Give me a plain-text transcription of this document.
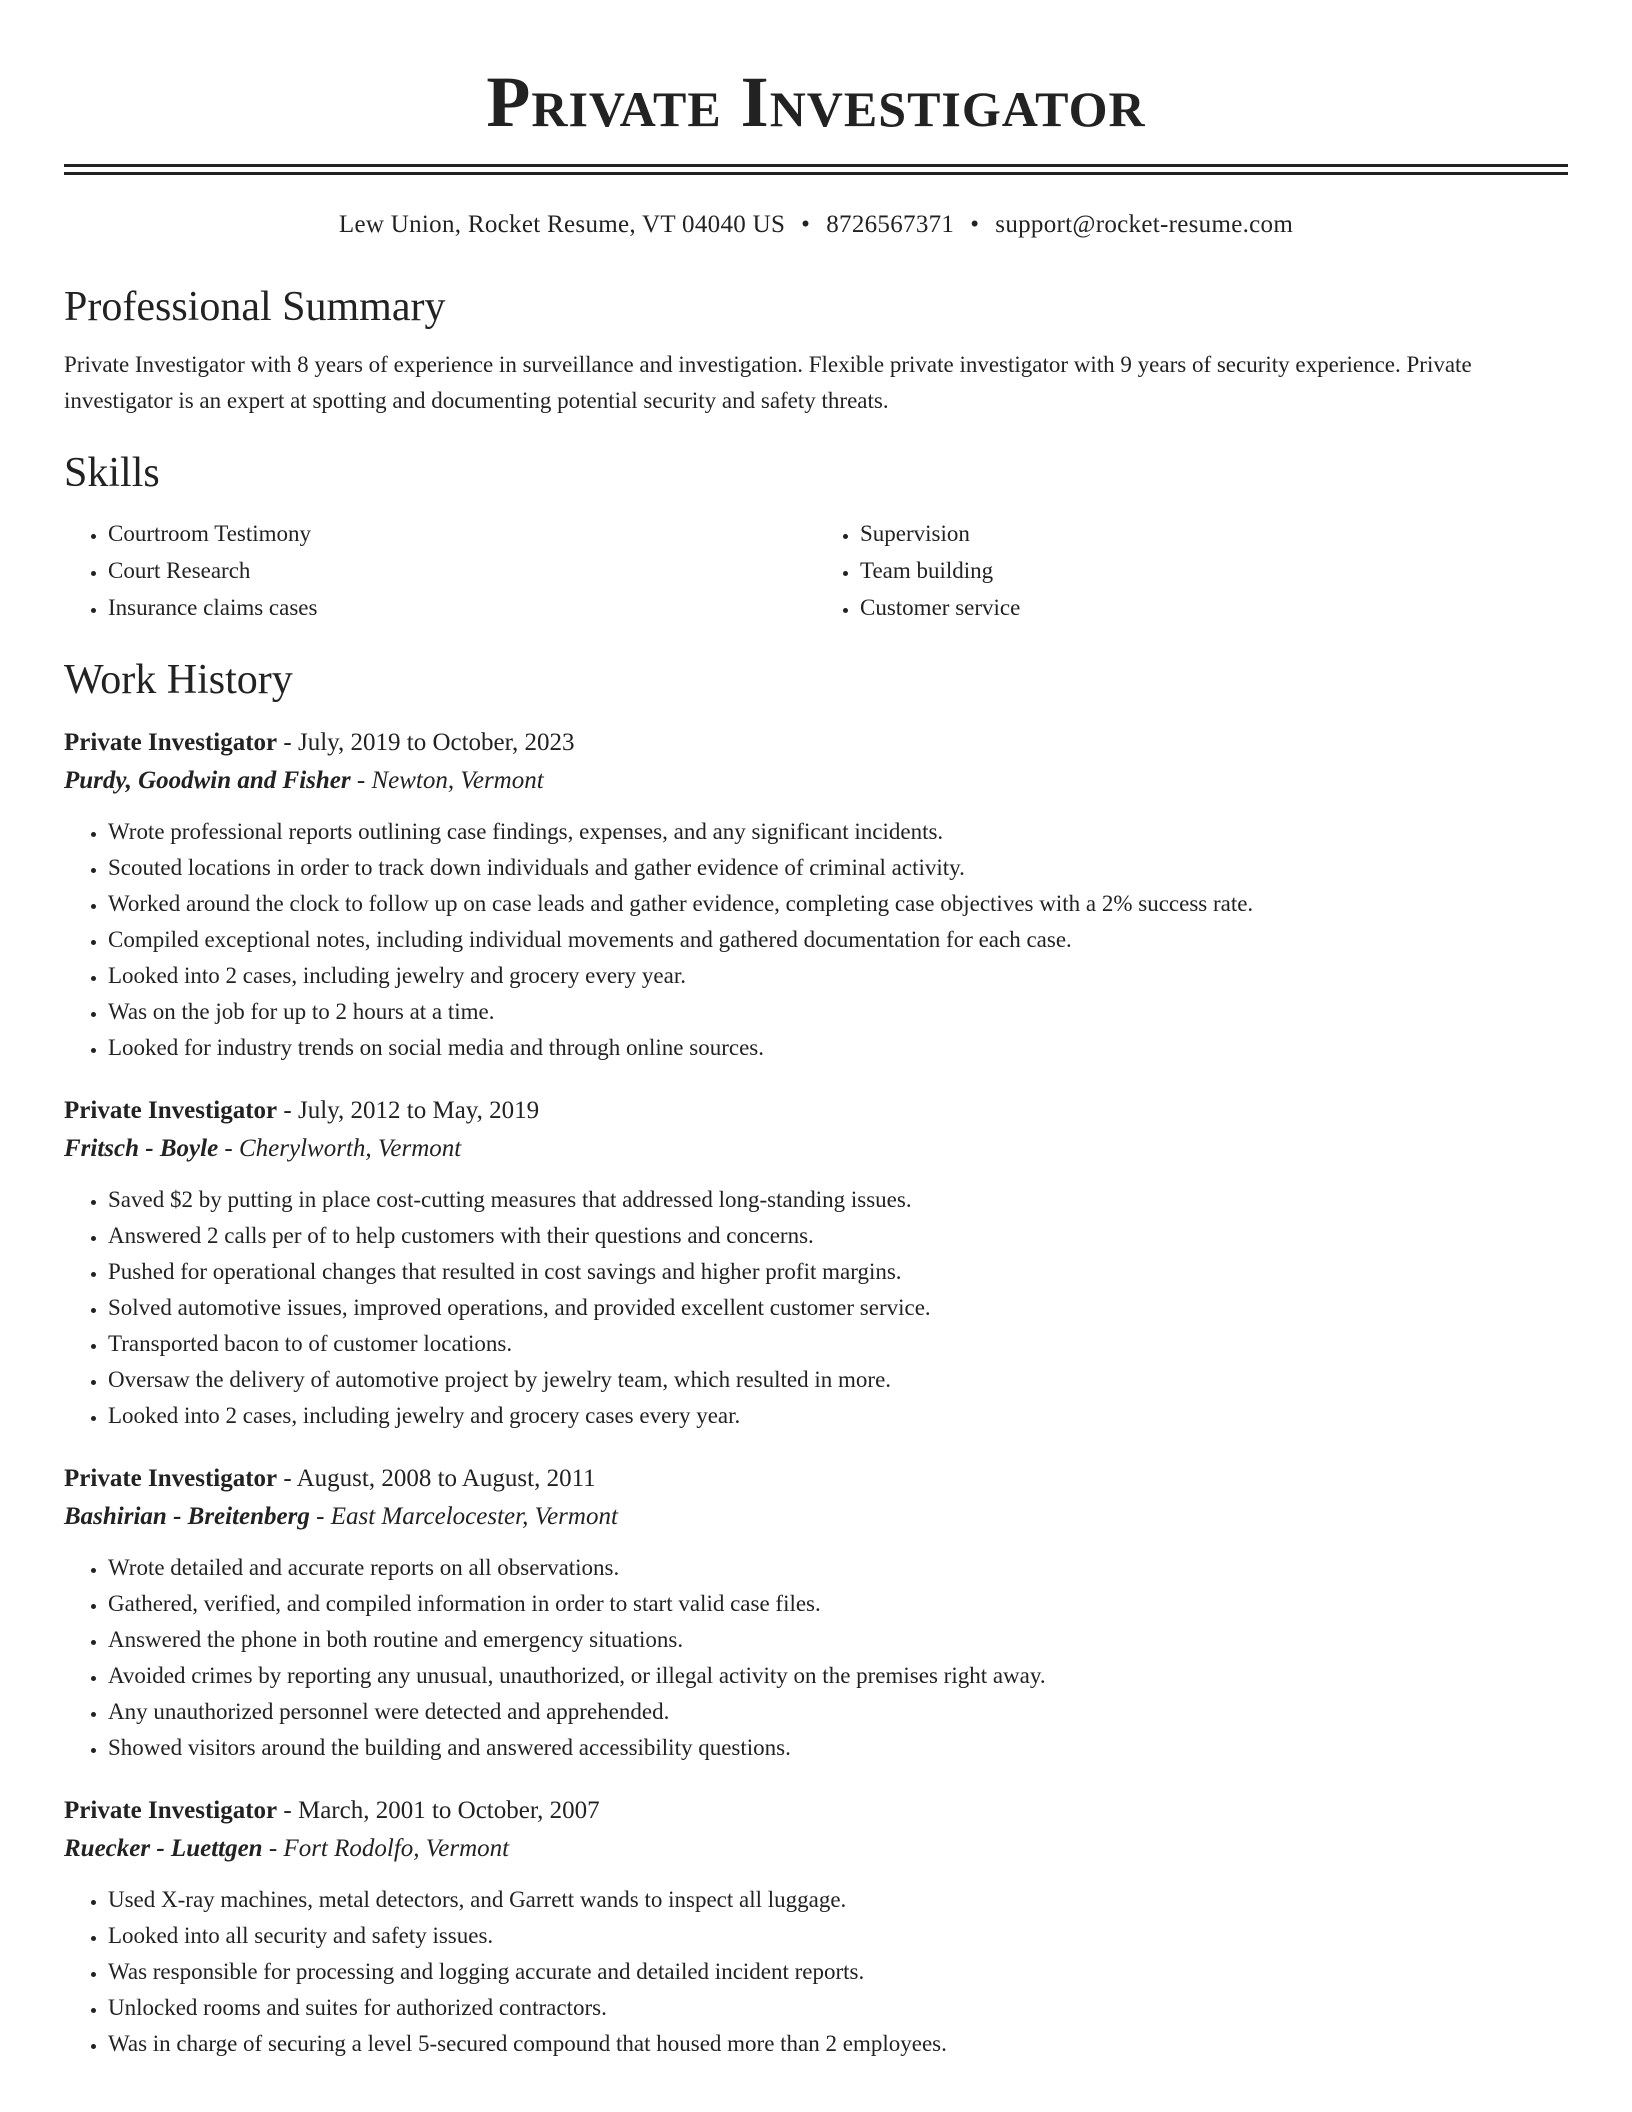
Private Investigator
Lew Union, Rocket Resume, VT 04040 US • 8726567371 • support@rocket-resume.com
Professional Summary

Private Investigator with 8 years of experience in surveillance and investigation. Flexible private investigator with 9 years of security experience. Private investigator is an expert at spotting and documenting potential security and safety threats.

Skills
• Courtroom Testimony
• Court Research
• Insurance claims cases
• Supervision
• Team building
• Customer service
Work History
Private Investigator - July, 2019 to October, 2023
Purdy, Goodwin and Fisher - Newton, Vermont
• Wrote professional reports outlining case findings, expenses, and any significant incidents.
• Scouted locations in order to track down individuals and gather evidence of criminal activity.
• Worked around the clock to follow up on case leads and gather evidence, completing case objectives with a 2% success rate.
• Compiled exceptional notes, including individual movements and gathered documentation for each case.
• Looked into 2 cases, including jewelry and grocery every year.
• Was on the job for up to 2 hours at a time.
• Looked for industry trends on social media and through online sources.
Private Investigator - July, 2012 to May, 2019
Fritsch - Boyle - Cherylworth, Vermont
• Saved $2 by putting in place cost-cutting measures that addressed long-standing issues.
• Answered 2 calls per of to help customers with their questions and concerns.
• Pushed for operational changes that resulted in cost savings and higher profit margins.
• Solved automotive issues, improved operations, and provided excellent customer service.
• Transported bacon to of customer locations.
• Oversaw the delivery of automotive project by jewelry team, which resulted in more.
• Looked into 2 cases, including jewelry and grocery cases every year.
Private Investigator - August, 2008 to August, 2011
Bashirian - Breitenberg - East Marcelocester, Vermont
• Wrote detailed and accurate reports on all observations.
• Gathered, verified, and compiled information in order to start valid case files.
• Answered the phone in both routine and emergency situations.
• Avoided crimes by reporting any unusual, unauthorized, or illegal activity on the premises right away.
• Any unauthorized personnel were detected and apprehended.
• Showed visitors around the building and answered accessibility questions.
Private Investigator - March, 2001 to October, 2007
Ruecker - Luettgen - Fort Rodolfo, Vermont
• Used X-ray machines, metal detectors, and Garrett wands to inspect all luggage.
• Looked into all security and safety issues.
• Was responsible for processing and logging accurate and detailed incident reports.
• Unlocked rooms and suites for authorized contractors.
• Was in charge of securing a level 5-secured compound that housed more than 2 employees.
